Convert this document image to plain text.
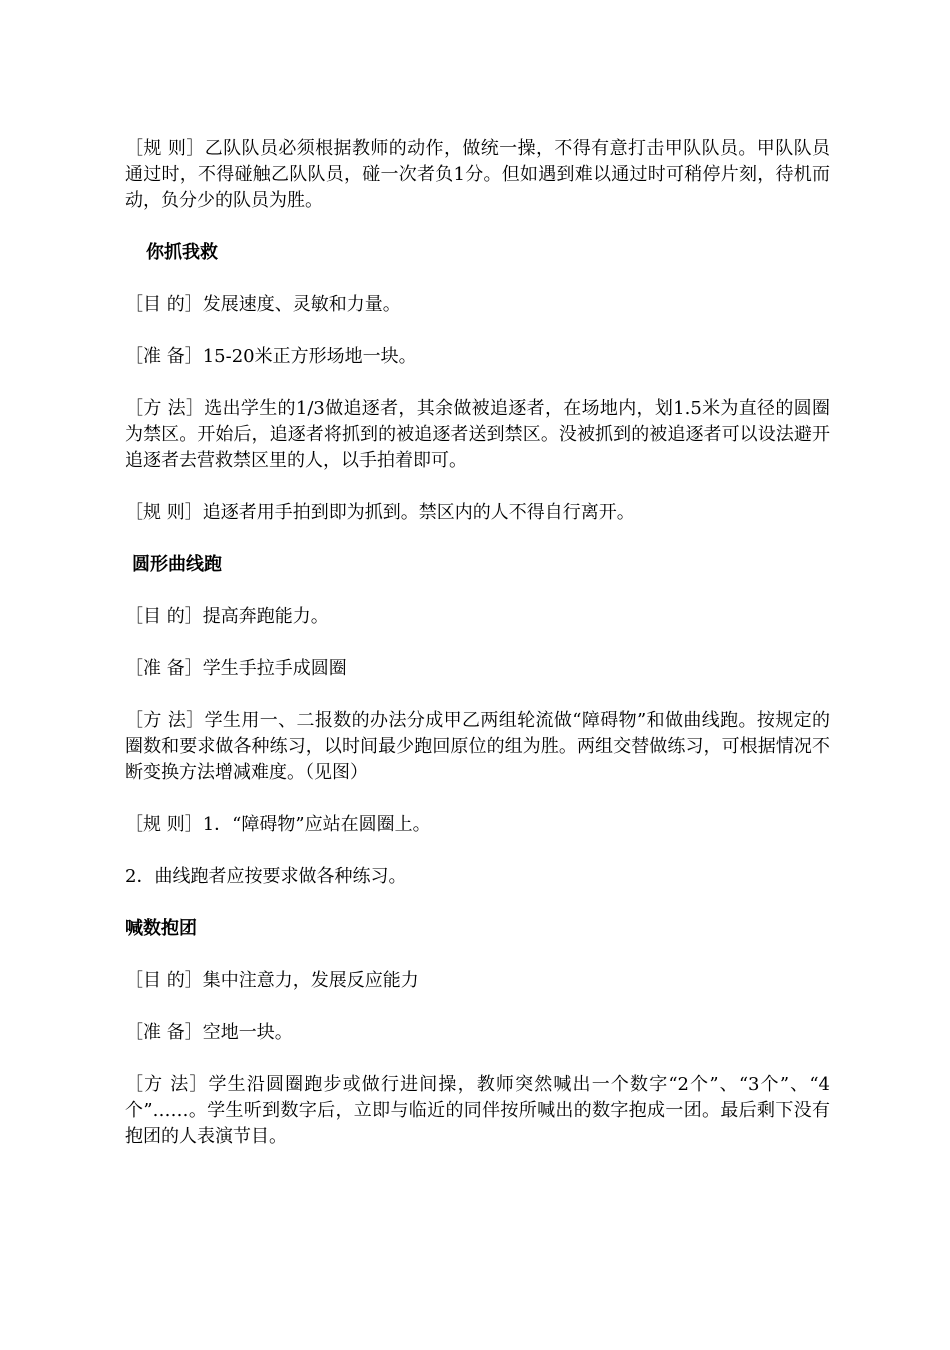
［规 则］乙队队员必须根据教师的动作，做统一操，不得有意打击甲队队员。甲队队员通过时，不得碰触乙队队员，碰一次者负1分。但如遇到难以通过时可稍停片刻，待机而动，负分少的队员为胜。

你抓我救

［目 的］发展速度、灵敏和力量。

［准 备］15-20米正方形场地一块。

［方 法］选出学生的1/3做追逐者，其余做被追逐者，在场地内，划1.5米为直径的圆圈为禁区。开始后，追逐者将抓到的被追逐者送到禁区。没被抓到的被追逐者可以设法避开追逐者去营救禁区里的人，以手拍着即可。

［规 则］追逐者用手拍到即为抓到。禁区内的人不得自行离开。

圆形曲线跑

［目 的］提高奔跑能力。

［准 备］学生手拉手成圆圈

［方 法］学生用一、二报数的办法分成甲乙两组轮流做“障碍物”和做曲线跑。按规定的圈数和要求做各种练习，以时间最少跑回原位的组为胜。两组交替做练习，可根据情况不断变换方法增减难度。（见图）

［规 则］1．“障碍物”应站在圆圈上。

2．曲线跑者应按要求做各种练习。

喊数抱团

［目 的］集中注意力，发展反应能力

［准 备］空地一块。

［方 法］学生沿圆圈跑步或做行进间操，教师突然喊出一个数字“2个”、“3个”、“4个”……。学生听到数字后，立即与临近的同伴按所喊出的数字抱成一团。最后剩下没有抱团的人表演节目。
